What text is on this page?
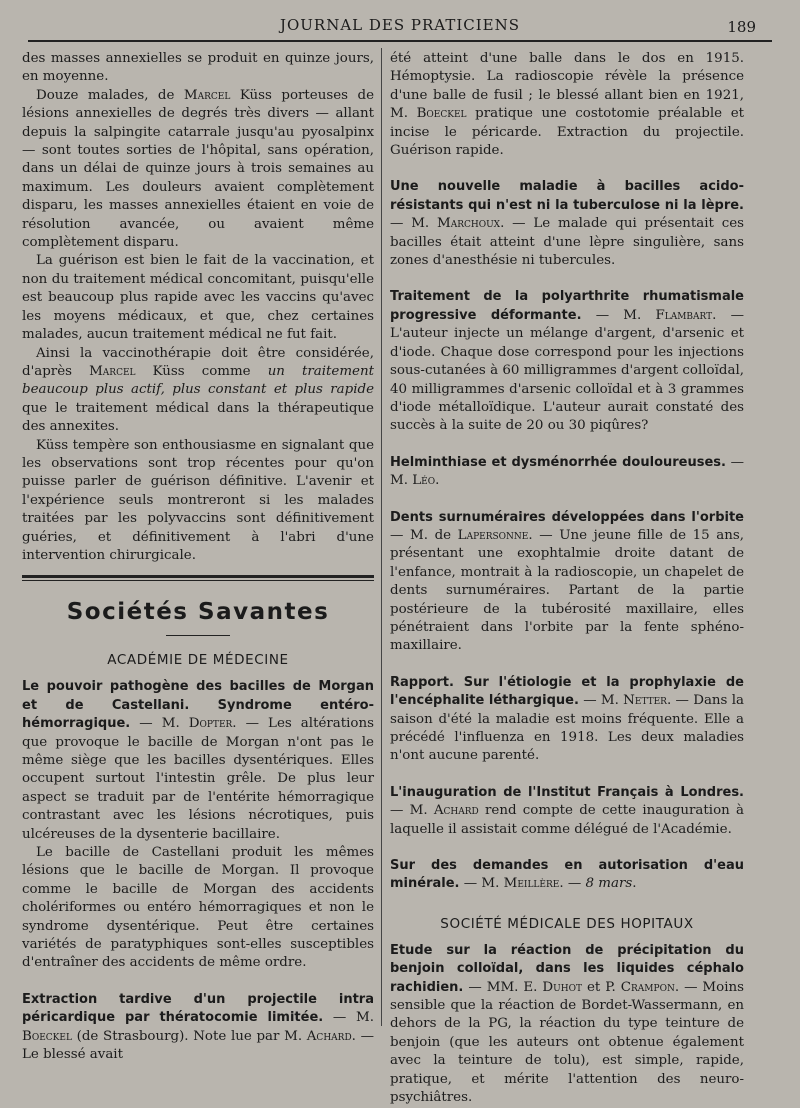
JOURNAL DES PRATICIENS	189

des masses annexielles se produit en quinze jours, en moyenne.

Douze malades, de Marcel Küss porteuses de lésions annexielles de degrés très divers — allant depuis la salpingite catarrale jusqu'au pyosalpinx — sont toutes sorties de l'hôpital, sans opération, dans un délai de quinze jours à trois semaines au maximum. Les douleurs avaient complètement disparu, les masses annexielles étaient en voie de résolution avancée, ou avaient même complètement disparu.

La guérison est bien le fait de la vaccination, et non du traitement médical concomitant, puisqu'elle est beaucoup plus rapide avec les vaccins qu'avec les moyens médicaux, et que, chez certaines malades, aucun traitement médical ne fut fait.

Ainsi la vaccinothérapie doit être considérée, d'après Marcel Küss comme un traitement beaucoup plus actif, plus constant et plus rapide que le traitement médical dans la thérapeutique des annexites.

Küss tempère son enthousiasme en signalant que les observations sont trop récentes pour qu'on puisse parler de guérison définitive. L'avenir et l'expérience seuls montreront si les malades traitées par les polyvaccins sont définitivement guéries, et définitivement à l'abri d'une intervention chirurgicale.

Sociétés Savantes
ACADÉMIE DE MÉDECINE

Le pouvoir pathogène des bacilles de Morgan et de Castellani. Syndrome entéro-hémorragique. — M. Dopter. — Les altérations que provoque le bacille de Morgan n'ont pas le même siège que les bacilles dysentériques. Elles occupent surtout l'intestin grêle. De plus leur aspect se traduit par de l'entérite hémorragique contrastant avec les lésions nécrotiques, puis ulcéreuses de la dysenterie bacillaire.

Le bacille de Castellani produit les mêmes lésions que le bacille de Morgan. Il provoque comme le bacille de Morgan des accidents cholériformes ou entéro hémorragiques et non le syndrome dysentérique. Peut être certaines variétés de paratyphiques sont-elles susceptibles d'entraîner des accidents de même ordre.

Extraction tardive d'un projectile intra péricardique par thératocomie limitée. — M. Boeckel (de Strasbourg). Note lue par M. Achard. — Le blessé avait

été atteint d'une balle dans le dos en 1915. Hémoptysie. La radioscopie révèle la présence d'une balle de fusil ; le blessé allant bien en 1921, M. Boeckel pratique une costotomie préalable et incise le péricarde. Extraction du projectile. Guérison rapide.

Une nouvelle maladie à bacilles acido-résistants qui n'est ni la tuberculose ni la lèpre. — M. Marchoux. — Le malade qui présentait ces bacilles était atteint d'une lèpre singulière, sans zones d'anesthésie ni tubercules.

Traitement de la polyarthrite rhumatismale progressive déformante. — M. Flambart. — L'auteur injecte un mélange d'argent, d'arsenic et d'iode. Chaque dose correspond pour les injections sous-cutanées à 60 milligrammes d'argent colloïdal, 40 milligrammes d'arsenic colloïdal et à 3 grammes d'iode métalloïdique. L'auteur aurait constaté des succès à la suite de 20 ou 30 piqûres?

Helminthiase et dysménorrhée douloureuses. — M. Léo.

Dents surnuméraires développées dans l'orbite — M. de Lapersonne. — Une jeune fille de 15 ans, présentant une exophtalmie droite datant de l'enfance, montrait à la radioscopie, un chapelet de dents surnuméraires. Partant de la partie postérieure de la tubérosité maxillaire, elles pénétraient dans l'orbite par la fente sphéno-maxillaire.

Rapport. Sur l'étiologie et la prophylaxie de l'encéphalite léthargique. — M. Netter. — Dans la saison d'été la maladie est moins fréquente. Elle a précédé l'influenza en 1918. Les deux maladies n'ont aucune parenté.

L'inauguration de l'Institut Français à Londres. — M. Achard rend compte de cette inauguration à laquelle il assistait comme délégué de l'Académie.

Sur des demandes en autorisation d'eau minérale. — M. Meillère. — 8 mars.

SOCIÉTÉ MÉDICALE DES HOPITAUX

Etude sur la réaction de précipitation du benjoin colloïdal, dans les liquides céphalo rachidien. — MM. E. Duhot et P. Crampon. — Moins sensible que la réaction de Bordet-Wassermann, en dehors de la PG, la réaction du type teinture de benjoin (que les auteurs ont obtenue également avec la teinture de tolu), est simple, rapide, pratique, et mérite l'attention des neuro-psychiâtres.
